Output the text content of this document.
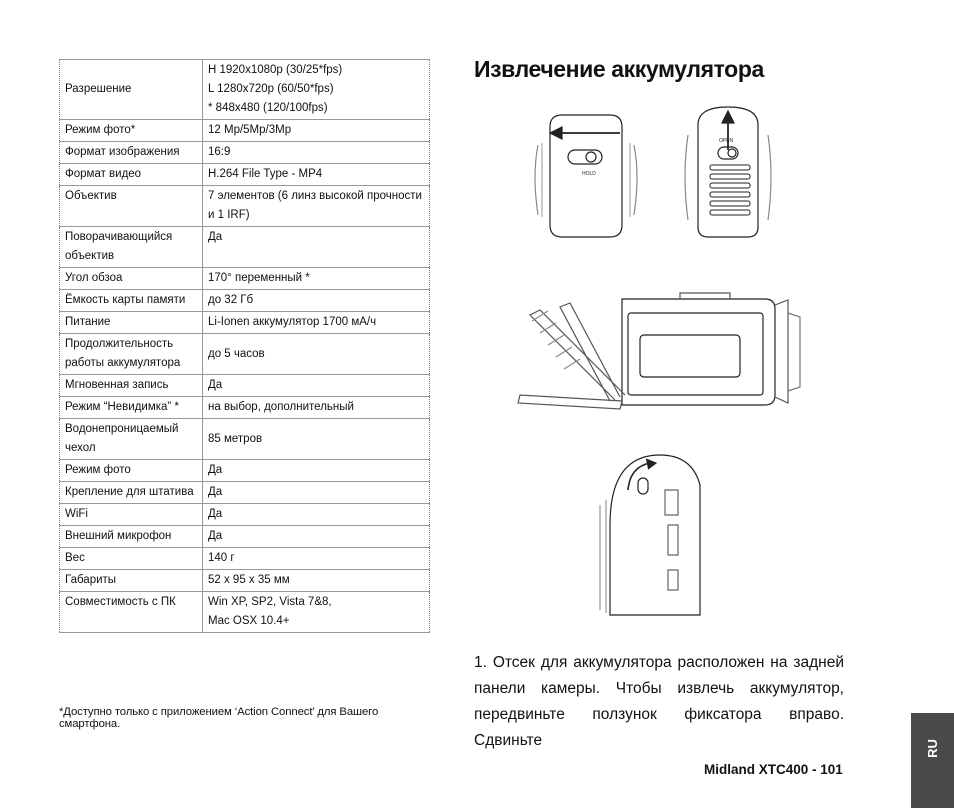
Разрешение	H 1920x1080p (30/25*fps)
L 1280x720p (60/50*fps)
* 848x480 (120/100fps)

Режим фото*	12 Mp/5Mp/3Mp
Формат изображения	16:9
Формат видео	H.264 File Type - MP4
Объектив	7 элементов (6 линз высокой прочности
и 1 IRF)

Поворачивающийся объектив	Да
Угол обзоа	170° переменный *
Ёмкость карты памяти	до 32 Гб
Питание	Li-Ionen аккумулятор 1700 мА/ч
Продолжительность работы аккумулятора	до 5 часов
Мгновенная запись	Да
Режим “Невидимка” *	на выбор, дополнительный
Водонепроницаемый чехол	85 метров
Режим фото	Да
Крепление для штатива	Да
WiFi	Да
Внешний микрофон	Да
Вес	140 г
Габариты	52 x 95 x 35 мм
Совместимость с ПК	Win XP, SP2, Vista 7&8,
Mac OSX 10.4+
*Доступно только с приложением ‘Action Connect’ для Вашего смартфона.
Извлечение аккумулятора
HOLD
OPEN
1. Отсек для аккумулятора расположен на задней панели камеры. Чтобы извлечь аккумулятор, передвиньте ползунок фиксатора вправо. Сдвиньте
Midland XTC400 - 101
RU
